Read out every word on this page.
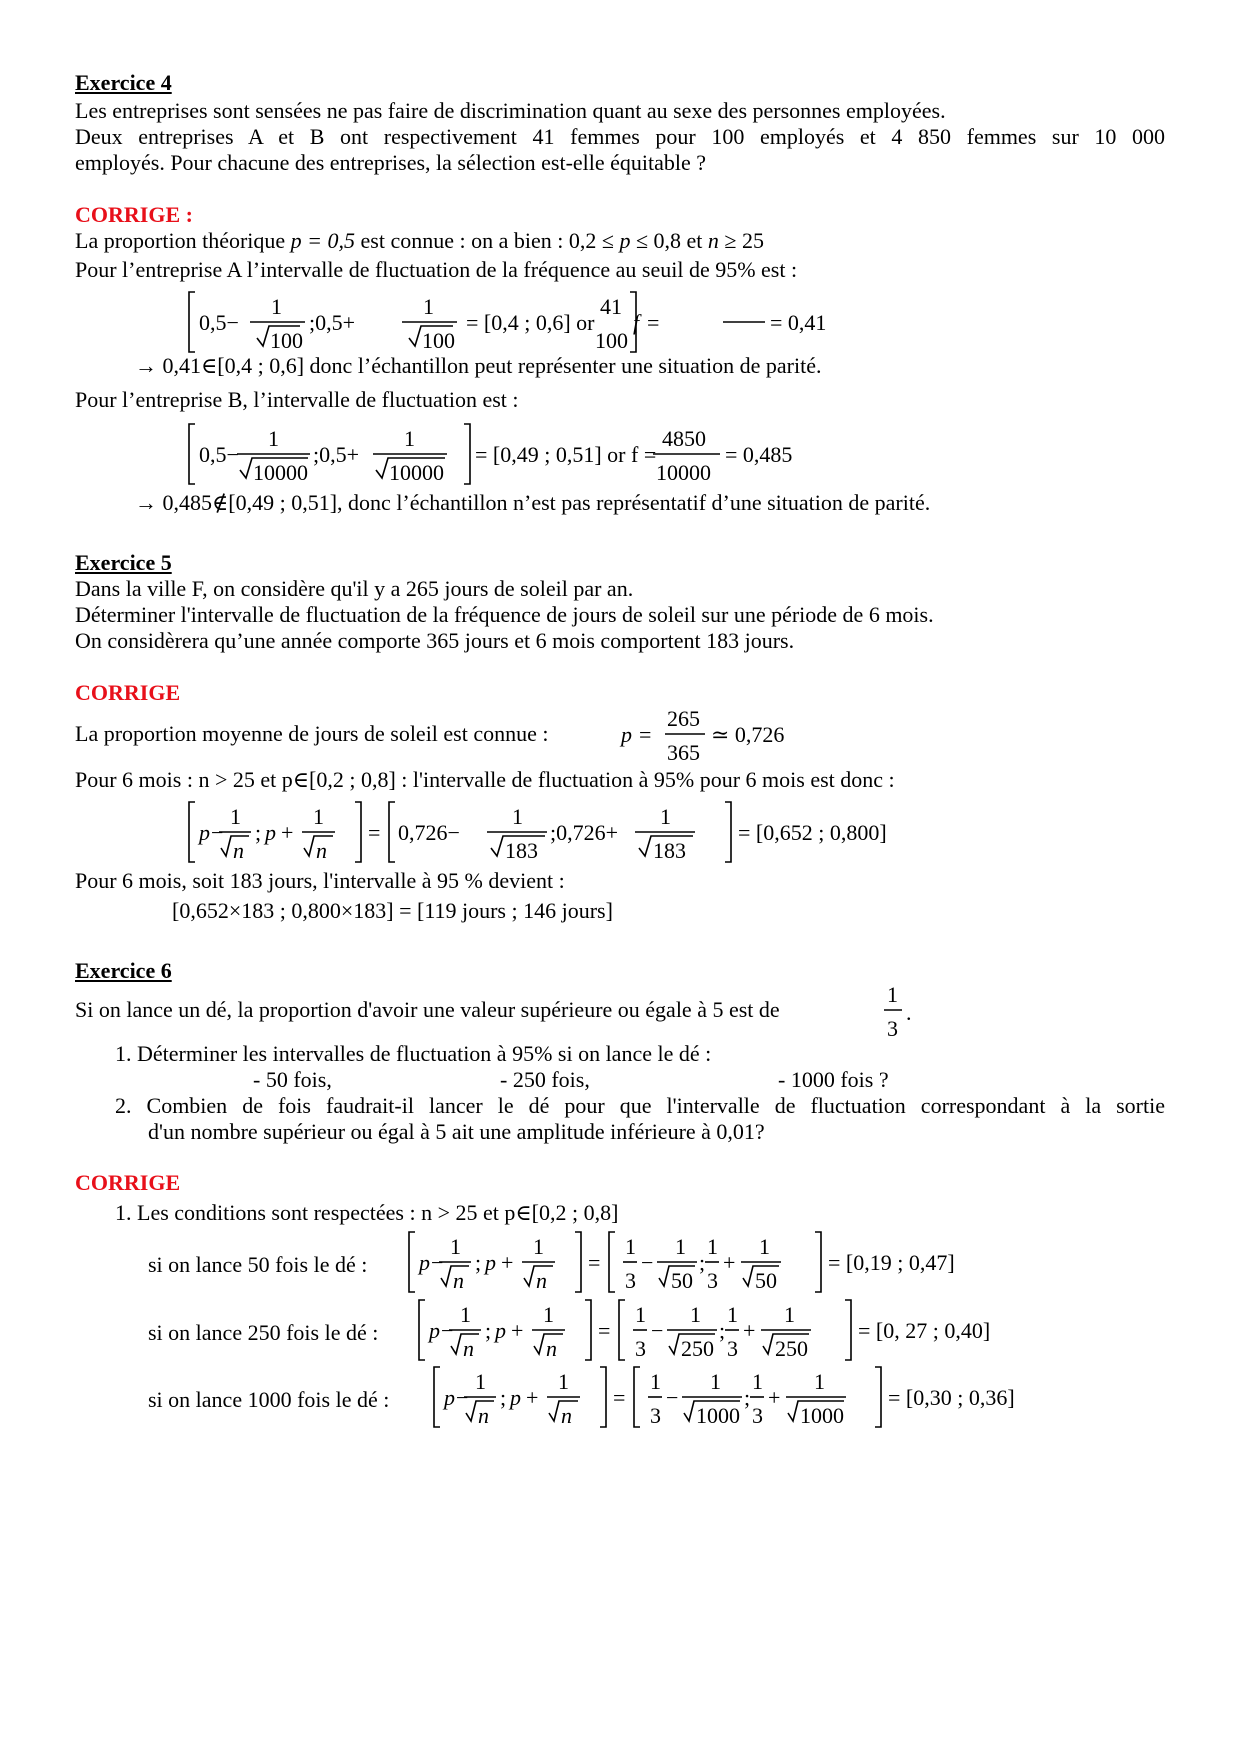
Exercice 4
Les entreprises sont sensées ne pas faire de discrimination quant au sexe des personnes employées.
Deux entreprises A et B ont respectivement 41 femmes pour 100 employés et 4 850 femmes sur 10 000
employés. Pour chacune des entreprises, la sélection est-elle équitable ?
CORRIGE :
La proportion théorique p = 0,5 est connue : on a bien : 0,2 ≤ p ≤ 0,8 et n ≥ 25
Pour l’entreprise A l’intervalle de fluctuation de la fréquence au seuil de 95% est :
0,5−
1
100
;0,5+
1
100
= [0,4 ; 0,6] or f =
41
100
= 0,41
→ 0,41∈[0,4 ; 0,6] donc l’échantillon peut représenter une situation de parité.
Pour l’entreprise B, l’intervalle de fluctuation est :
0,5−
1
10000
;0,5+
1
10000
= [0,49 ; 0,51] or f =
4850
10000
= 0,485
→ 0,485∉[0,49 ; 0,51], donc l’échantillon n’est pas représentatif d’une situation de parité.
Exercice 5
Dans la ville F, on considère qu'il y a 265 jours de soleil par an.
Déterminer l'intervalle de fluctuation de la fréquence de jours de soleil sur une période de 6 mois.
On considèrera qu’une année comporte 365 jours et 6 mois comportent 183 jours.
CORRIGE
La proportion moyenne de jours de soleil est connue :	p =
265
365
≃ 0,726
Pour 6 mois : n > 25 et p∈[0,2 ; 0,8] : l'intervalle de fluctuation à 95% pour 6 mois est donc :
p −
1
n
; p +
1
n
= 0,726−
1
183
;0,726+
1
183
= [0,652 ; 0,800]
Pour 6 mois, soit 183 jours, l'intervalle à 95 % devient :
[0,652×183 ; 0,800×183] = [119 jours ; 146 jours]
Exercice 6
Si on lance un dé, la proportion d'avoir une valeur supérieure ou égale à 5 est de
1
3
.
1. Déterminer les intervalles de fluctuation à 95% si on lance le dé :
- 50 fois,	- 250 fois,	- 1000 fois ?
2. Combien de fois faudrait-il lancer le dé pour que l'intervalle de fluctuation correspondant à la sortie
d'un nombre supérieur ou égal à 5 ait une amplitude inférieure à 0,01?
CORRIGE
1. Les conditions sont respectées : n > 25 et p∈[0,2 ; 0,8]
si on lance 50 fois le dé : p −
1
n
; p +
1
n
=
1
3
−
1
50
;
1
3
+
1
50
= [0,19 ; 0,47]
si on lance 250 fois le dé : p −
1
n
; p +
1
n
=
1
3
−
1
250
;
1
3
+
1
250
= [0, 27 ; 0,40]
si on lance 1000 fois le dé : p −
1
n
; p +
1
n
=
1
3
−
1
1000
;
1
3
+
1
1000
= [0,30 ; 0,36]
